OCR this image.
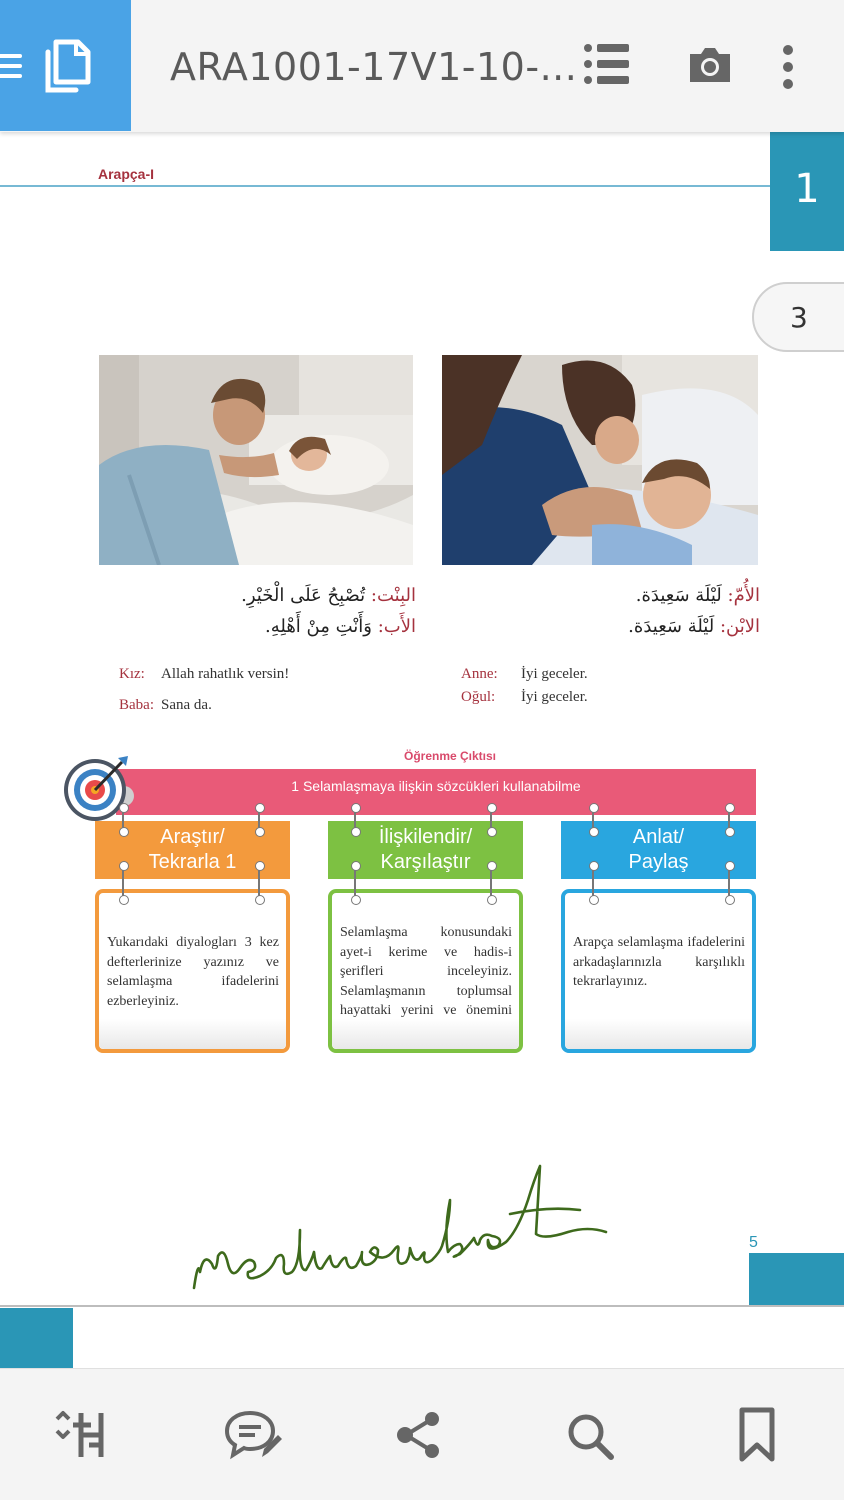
ARA1001-17V1-10-...
Arapça-I	1
3
البِنْت: تُصْبِحُ عَلَى الْخَيْرِ.
الأَب: وَأَنْتِ مِنْ أَهْلِهِ.
الأُمّ: لَيْلَة سَعِيدَة.
الابْن: لَيْلَة سَعِيدَة.
Kız: Allah rahatlık versin!
Baba: Sana da.
Anne: İyi geceler.
Oğul: İyi geceler.
Öğrenme Çıktısı
1 Selamlaşmaya ilişkin sözcükleri kullanabilme
Araştır/
Tekrarla 1
Yukarıdaki diyalogları 3 kez defterlerinize yazınız ve selamlaşma ifadelerini ezberleyiniz.
İlişkilendir/
Karşılaştır
Selamlaşma konusundaki ayet-i kerime ve hadis-i şerifleri inceleyiniz. Selamlaşmanın toplumsal hayattaki yerini ve önemini
Anlat/
Paylaş
Arapça selamlaşma ifadelerini arkadaşlarınızla karşılıklı tekrarlayınız.
5
